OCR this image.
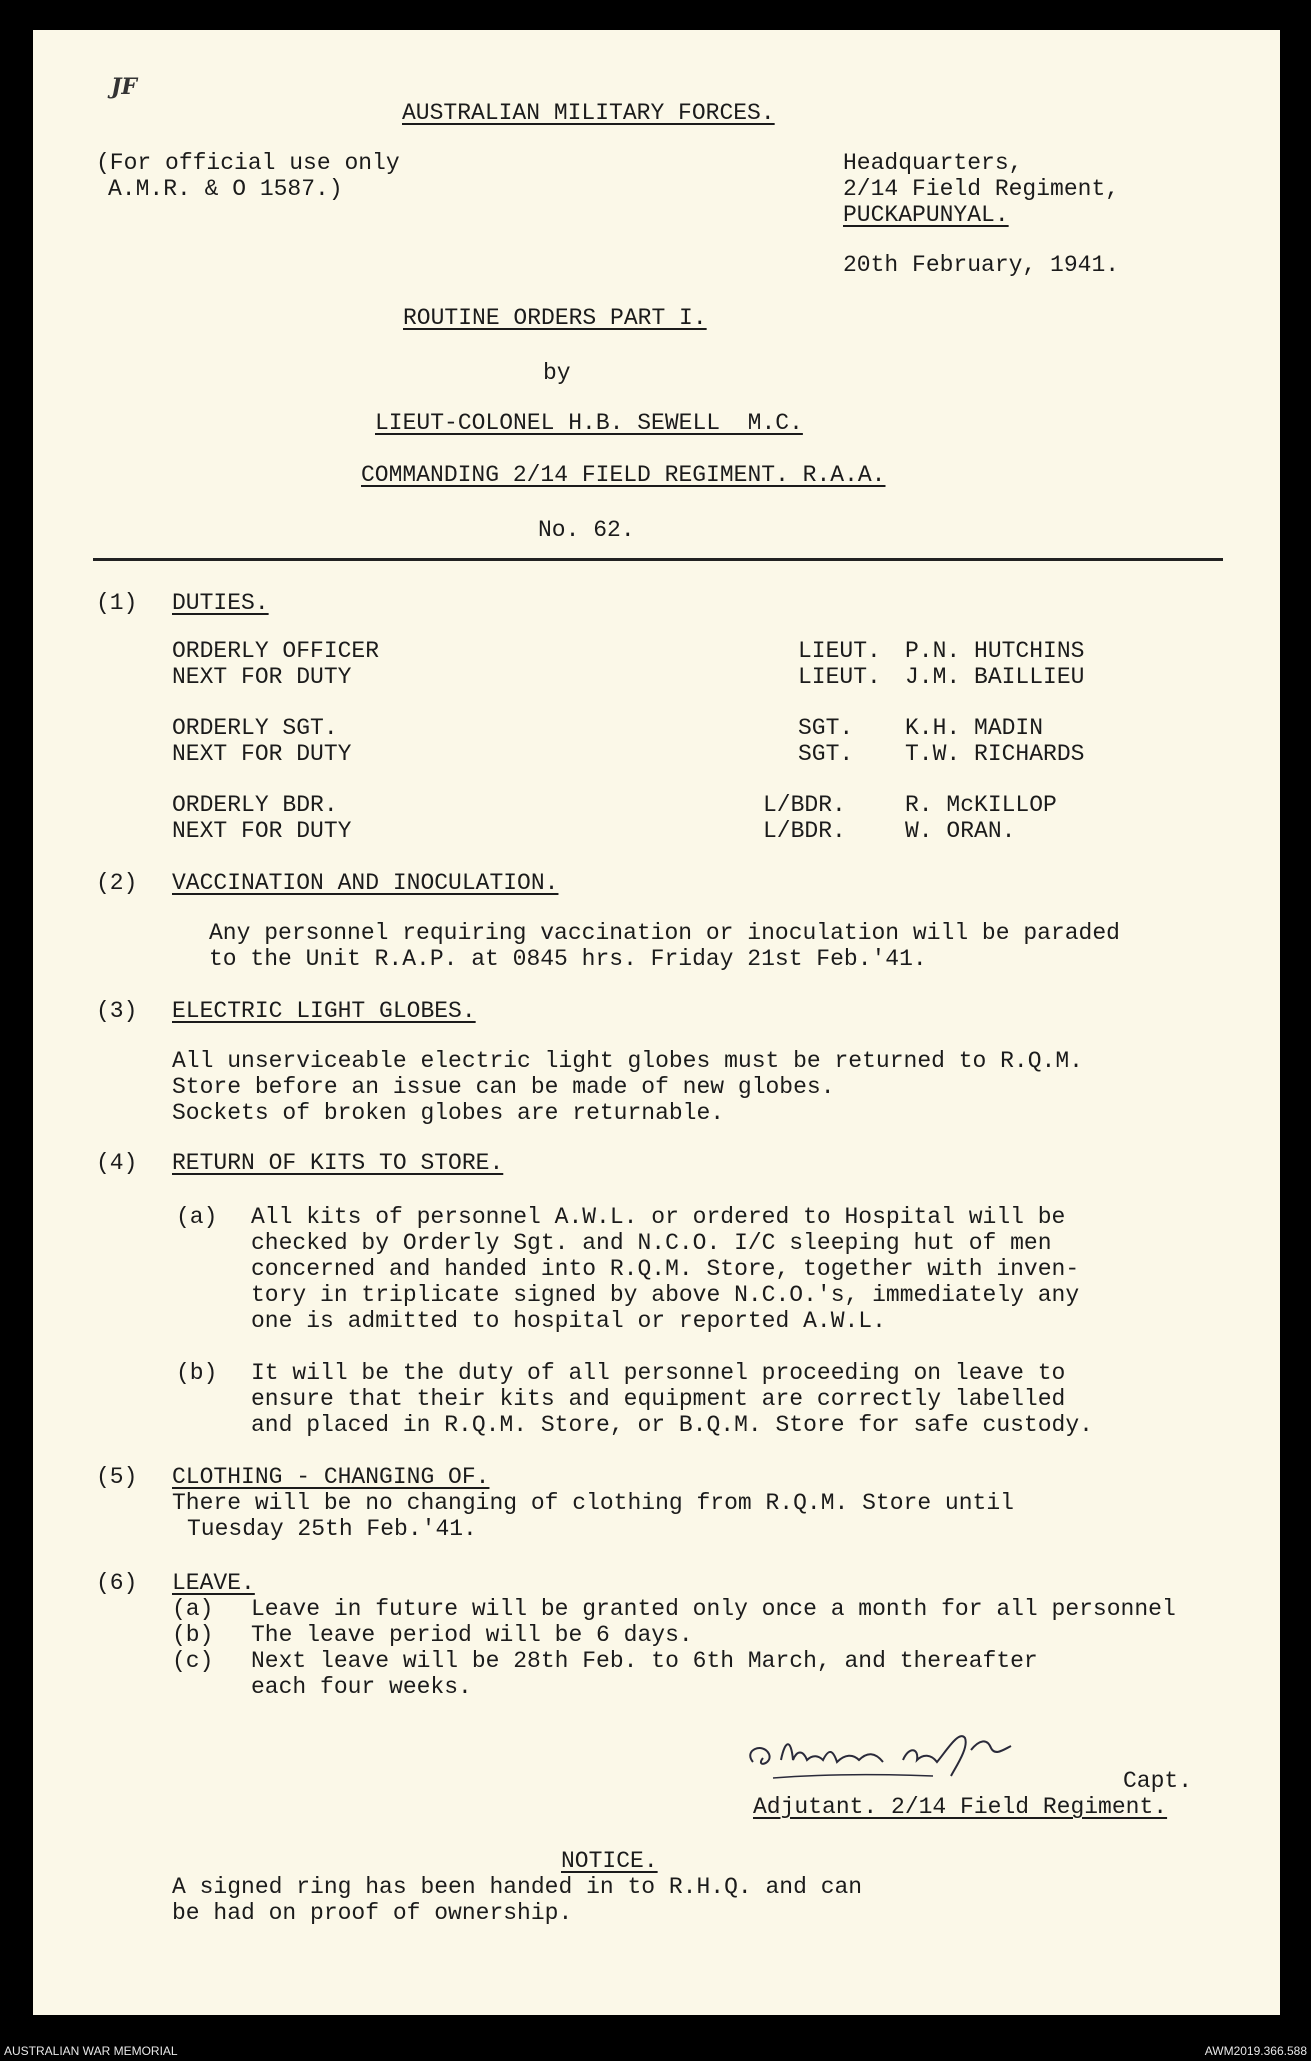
JF
AUSTRALIAN MILITARY FORCES.
(For official use only
A.M.R. & O 1587.)
Headquarters,
2/14 Field Regiment,
PUCKAPUNYAL.
20th February, 1941.
ROUTINE ORDERS PART I.
by
LIEUT-COLONEL H.B. SEWELL  M.C.
COMMANDING 2/14 FIELD REGIMENT. R.A.A.
No. 62.
(1) DUTIES.
ORDERLY OFFICER	LIEUT. P.N. HUTCHINS
NEXT FOR DUTY	LIEUT. J.M. BAILLIEU
ORDERLY SGT.	SGT. K.H. MADIN
NEXT FOR DUTY	SGT. T.W. RICHARDS
ORDERLY BDR.	L/BDR.	R. McKILLOP
NEXT FOR DUTY	L/BDR.	W. ORAN.
(2) VACCINATION AND INOCULATION.
Any personnel requiring vaccination or inoculation will be paraded
to the Unit R.A.P. at 0845 hrs. Friday 21st Feb.'41.
(3) ELECTRIC LIGHT GLOBES.
All unserviceable electric light globes must be returned to R.Q.M.
Store before an issue can be made of new globes.
Sockets of broken globes are returnable.
(4) RETURN OF KITS TO STORE.
(a) All kits of personnel A.W.L. or ordered to Hospital will be
checked by Orderly Sgt. and N.C.O. I/C sleeping hut of men
concerned and handed into R.Q.M. Store, together with inven-
tory in triplicate signed by above N.C.O.'s, immediately any
one is admitted to hospital or reported A.W.L.
(b) It will be the duty of all personnel proceeding on leave to
ensure that their kits and equipment are correctly labelled
and placed in R.Q.M. Store, or B.Q.M. Store for safe custody.
(5) CLOTHING - CHANGING OF.
There will be no changing of clothing from R.Q.M. Store until
Tuesday 25th Feb.'41.
(6) LEAVE.
(a) Leave in future will be granted only once a month for all personnel
(b) The leave period will be 6 days.
(c) Next leave will be 28th Feb. to 6th March, and thereafter
each four weeks.
Capt.
Adjutant. 2/14 Field Regiment.
NOTICE.
A signed ring has been handed in to R.H.Q. and can
be had on proof of ownership.
AUSTRALIAN WAR MEMORIAL	AWM2019.366.588
